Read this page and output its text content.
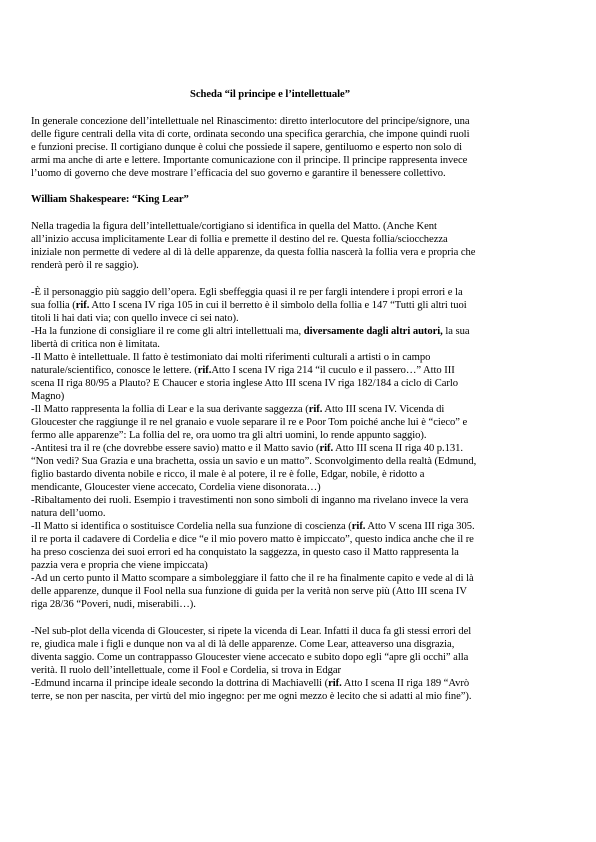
Scheda “il principe e l’intellettuale”
In generale concezione dell’intellettuale nel Rinascimento: diretto interlocutore del principe/signore, una
delle figure centrali della vita di corte, ordinata secondo una specifica gerarchia, che impone quindi ruoli
e funzioni precise. Il cortigiano dunque è colui che possiede il sapere, gentiluomo e esperto non solo di
armi ma anche di arte e lettere. Importante comunicazione con il principe. Il principe rappresenta invece
l’uomo di governo che deve mostrare l’efficacia del suo governo e garantire il benessere collettivo.
William Shakespeare: “King Lear”
Nella tragedia la figura dell’intellettuale/cortigiano si identifica in quella del Matto. (Anche Kent
all’inizio accusa implicitamente Lear di follia e premette il destino del re. Questa follia/sciocchezza
iniziale non permette di vedere al di là delle apparenze, da questa follia nascerà la follia vera e propria che
renderà però il re saggio).
-È il personaggio più saggio dell’opera. Egli sbeffeggia quasi il re per fargli intendere i propi errori e la
sua follia (rif. Atto I scena IV riga 105 in cui il berretto è il simbolo della follia e 147 “Tutti gli altri tuoi
titoli li hai dati via; con quello invece ci sei nato).
-Ha la funzione di consigliare il re come gli altri intellettuali ma, diversamente dagli altri autori, la sua
libertà di critica non è limitata.
-Il Matto è intellettuale. Il fatto è testimoniato dai molti riferimenti culturali a artisti o in campo
naturale/scientifico, conosce le lettere. (rif.Atto I scena IV riga 214 “il cuculo e il passero…” Atto III
scena II riga 80/95 a Plauto? E Chaucer e storia inglese Atto III scena IV riga 182/184 a ciclo di Carlo
Magno)
-Il Matto rappresenta la follia di Lear e la sua derivante saggezza (rif. Atto III scena IV. Vicenda di
Gloucester che raggiunge il re nel granaio e vuole separare il re e Poor Tom poiché anche lui è “cieco” e
fermo alle apparenze”: La follia del re, ora uomo tra gli altri uomini, lo rende appunto saggio).
-Antitesi tra il re (che dovrebbe essere savio) matto e il Matto savio (rif. Atto III scena II riga 40 p.131.
“Non vedi? Sua Grazia e una brachetta, ossia un savio e un matto”. Sconvolgimento della realtà (Edmund,
figlio bastardo diventa nobile e ricco, il male è al potere, il re è folle, Edgar, nobile, è ridotto a
mendicante, Gloucester viene accecato, Cordelia viene disonorata…)
-Ribaltamento dei ruoli. Esempio i travestimenti non sono simboli di inganno ma rivelano invece la vera
natura dell’uomo.
-Il Matto si identifica o sostituisce Cordelia nella sua funzione di coscienza (rif. Atto V scena III riga 305.
il re porta il cadavere di Cordelia e dice “e il mio povero matto è impiccato”, questo indica anche che il re
ha preso coscienza dei suoi errori ed ha conquistato la saggezza, in questo caso il Matto rappresenta la
pazzia vera e propria che viene impiccata)
-Ad un certo punto il Matto scompare a simboleggiare il fatto che il re ha finalmente capito e vede al di là
delle apparenze, dunque il Fool nella sua funzione di guida per la verità non serve più (Atto III scena IV
riga 28/36 “Poveri, nudi, miserabili…).
-Nel sub-plot della vicenda di Gloucester, si ripete la vicenda di Lear. Infatti il duca fa gli stessi errori del
re, giudica male i figli e dunque non va al di là delle apparenze. Come Lear, atteaverso una disgrazia,
diventa saggio. Come un contrappasso Gloucester viene accecato e subito dopo egli “apre gli occhi” alla
verità. Il ruolo dell’intellettuale, come il Fool e Cordelia, si trova in Edgar
-Edmund incarna il principe ideale secondo la dottrina di Machiavelli (rif. Atto I scena II riga 189 “Avrò
terre, se non per nascita, per virtù del mio ingegno: per me ogni mezzo è lecito che si adatti al mio fine”).
